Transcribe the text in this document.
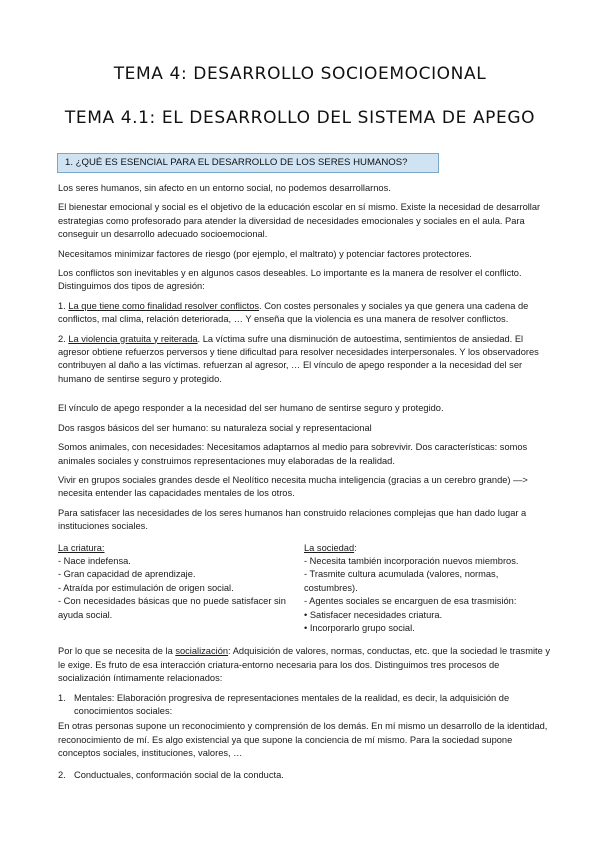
TEMA 4: DESARROLLO SOCIOEMOCIONAL
TEMA 4.1: EL DESARROLLO DEL SISTEMA DE APEGO
1. ¿QUÉ ES ESENCIAL PARA EL DESARROLLO DE LOS SERES HUMANOS?

Los seres humanos, sin afecto en un entorno social, no podemos desarrollarnos.

El bienestar emocional y social es el objetivo de la educación escolar en sí mismo. Existe la necesidad de desarrollar estrategias como profesorado para atender la diversidad de necesidades emocionales y sociales en el aula. Para conseguir un desarrollo adecuado socioemocional.

Necesitamos minimizar factores de riesgo (por ejemplo, el maltrato) y potenciar factores protectores.

Los conflictos son inevitables y en algunos casos deseables. Lo importante es la manera de resolver el conflicto. Distinguimos dos tipos de agresión:

1. La que tiene como finalidad resolver conflictos. Con costes personales y sociales ya que genera una cadena de conflictos, mal clima, relación deteriorada, … Y enseña que la violencia es una manera de resolver conflictos.

2. La violencia gratuita y reiterada. La víctima sufre una disminución de autoestima, sentimientos de ansiedad. El agresor obtiene refuerzos perversos y tiene dificultad para resolver necesidades interpersonales. Y los observadores contribuyen al daño a las víctimas. refuerzan al agresor, … El vínculo de apego responder a la necesidad del ser humano de sentirse seguro y protegido.

El vínculo de apego responder a la necesidad del ser humano de sentirse seguro y protegido.

Dos rasgos básicos del ser humano: su naturaleza social y representacional

Somos animales, con necesidades: Necesitamos adaptarnos al medio para sobrevivir. Dos características: somos animales sociales y construimos representaciones muy elaboradas de la realidad.

Vivir en grupos sociales grandes desde el Neolítico necesita mucha inteligencia (gracias a un cerebro grande) —> necesita entender las capacidades mentales de los otros.

Para satisfacer las necesidades de los seres humanos han construido relaciones complejas que han dado lugar a instituciones sociales.

La criatura:
- Nace indefensa.
- Gran capacidad de aprendizaje.
- Atraída por estimulación de origen social.
- Con necesidades básicas que no puede satisfacer sin ayuda social.
La sociedad:
- Necesita también incorporación nuevos miembros.
- Trasmite cultura acumulada (valores, normas, costumbres).
- Agentes sociales se encarguen de esa trasmisión:
• Satisfacer necesidades criatura.
• Incorporarlo grupo social.

Por lo que se necesita de la socialización: Adquisición de valores, normas, conductas, etc. que la sociedad le trasmite y le exige. Es fruto de esa interacción criatura-entorno necesaria para los dos. Distinguimos tres procesos de socialización íntimamente relacionados:

1. Mentales: Elaboración progresiva de representaciones mentales de la realidad, es decir, la adquisición de conocimientos sociales:

En otras personas supone un reconocimiento y comprensión de los demás. En mí mismo un desarrollo de la identidad, reconocimiento de mí. Es algo existencial ya que supone la conciencia de mí mismo. Para la sociedad supone conceptos sociales, instituciones, valores, …

2. Conductuales, conformación social de la conducta.
